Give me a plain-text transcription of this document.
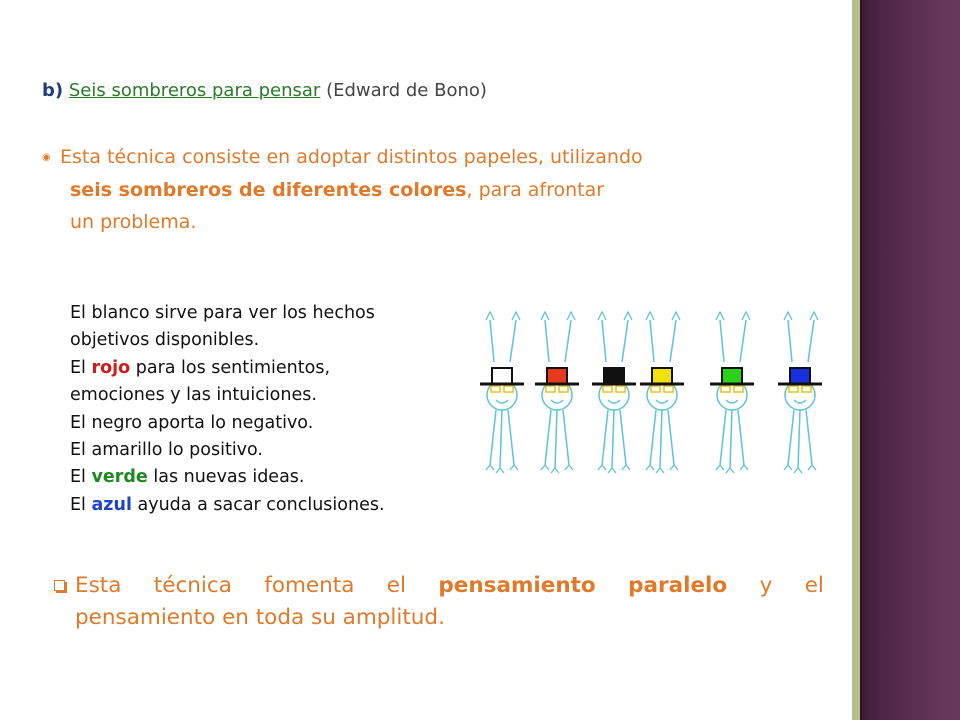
b) Seis sombreros para pensar (Edward de Bono)
◉ Esta técnica consiste en adoptar distintos papeles, utilizando
seis sombreros de diferentes colores, para afrontar
un problema.
El blanco sirve para ver los hechos
objetivos disponibles.
El rojo para los sentimientos,
emociones y las intuiciones.
El negro aporta lo negativo.
El amarillo lo positivo.
El verde las nuevas ideas.
El azul ayuda a sacar conclusiones.
Esta técnica fomenta el pensamiento paralelo y el
pensamiento en toda su amplitud.
